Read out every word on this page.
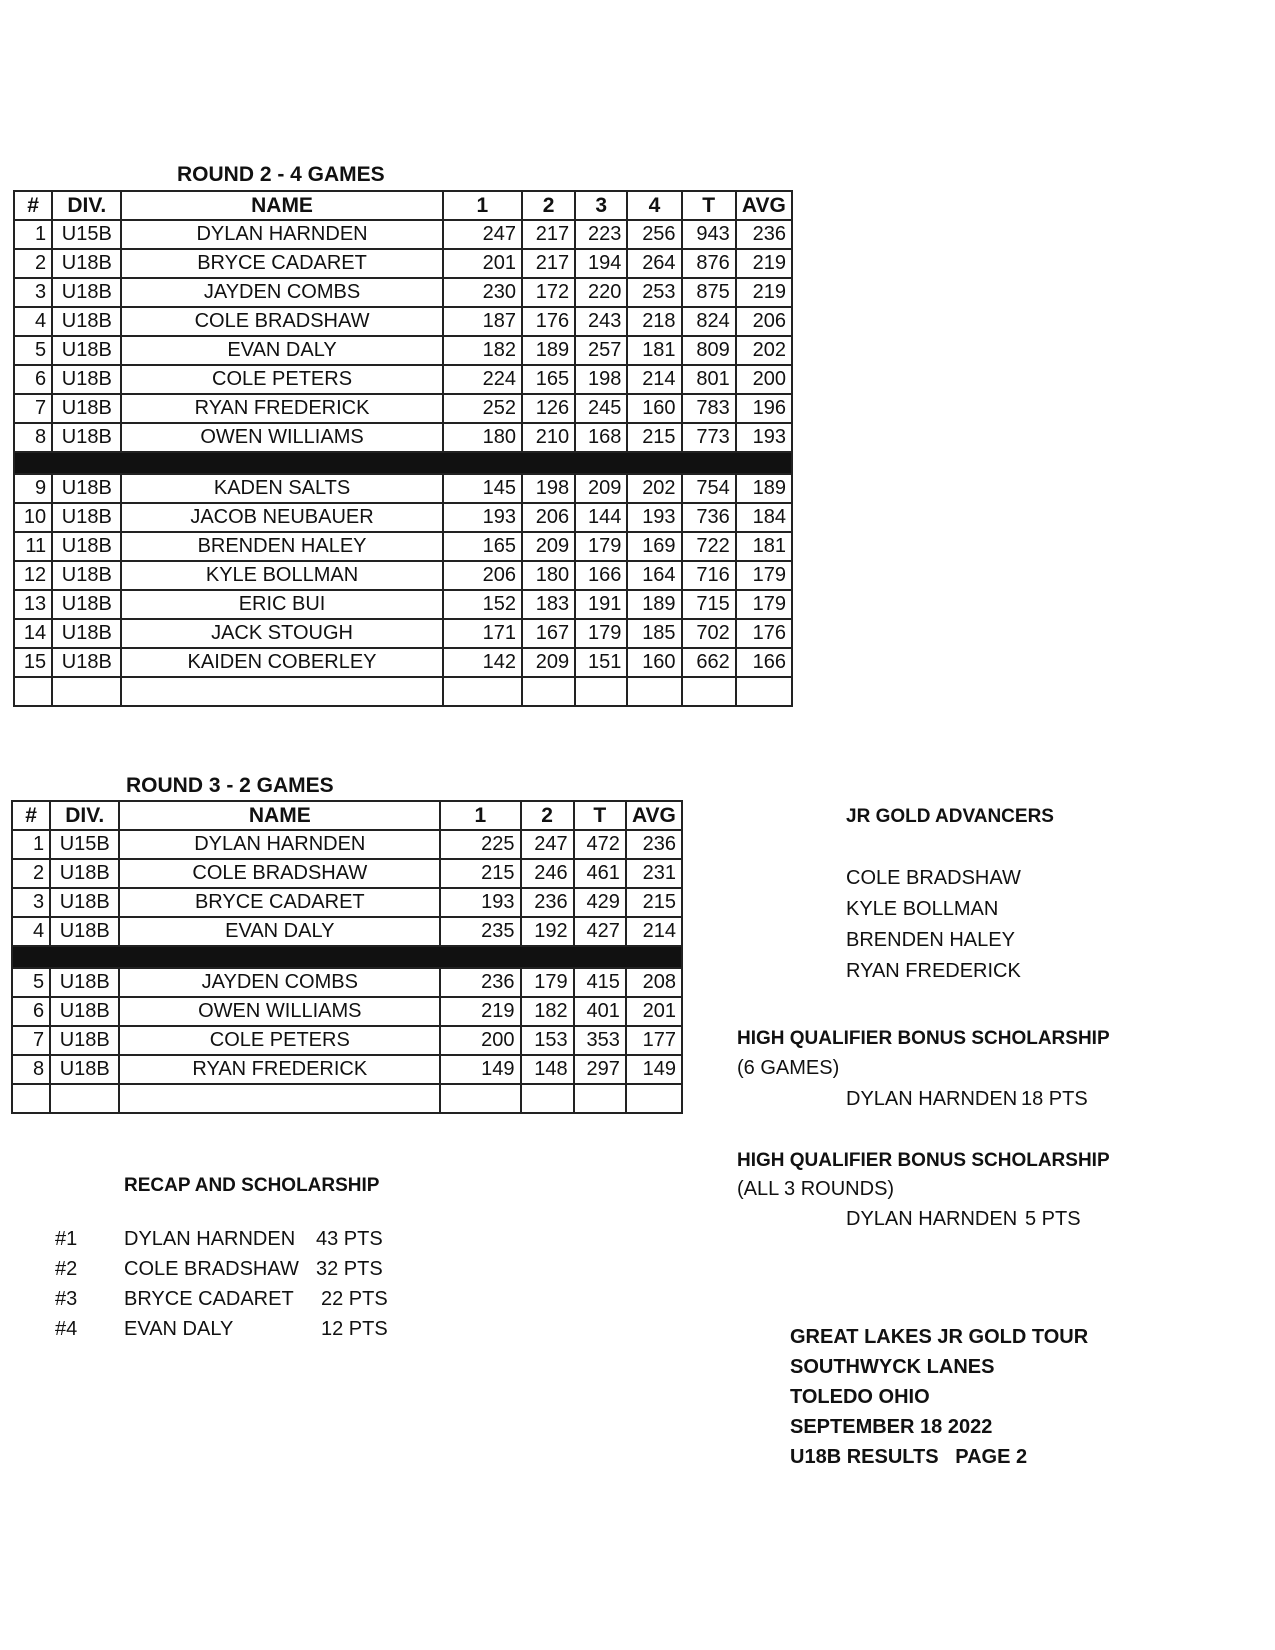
ROUND 2 - 4 GAMES
#	DIV.	NAME	1	2	3	4	T	AVG
1	U15B	DYLAN HARNDEN	247	217	223	256	943	236
2	U18B	BRYCE CADARET	201	217	194	264	876	219
3	U18B	JAYDEN COMBS	230	172	220	253	875	219
4	U18B	COLE BRADSHAW	187	176	243	218	824	206
5	U18B	EVAN DALY	182	189	257	181	809	202
6	U18B	COLE PETERS	224	165	198	214	801	200
7	U18B	RYAN FREDERICK	252	126	245	160	783	196
8	U18B	OWEN WILLIAMS	180	210	168	215	773	193

9	U18B	KADEN SALTS	145	198	209	202	754	189
10	U18B	JACOB NEUBAUER	193	206	144	193	736	184
11	U18B	BRENDEN HALEY	165	209	179	169	722	181
12	U18B	KYLE BOLLMAN	206	180	166	164	716	179
13	U18B	ERIC BUI	152	183	191	189	715	179
14	U18B	JACK STOUGH	171	167	179	185	702	176
15	U18B	KAIDEN COBERLEY	142	209	151	160	662	166

ROUND 3 - 2 GAMES
#	DIV.	NAME	1	2	T	AVG
1	U15B	DYLAN HARNDEN	225	247	472	236
2	U18B	COLE BRADSHAW	215	246	461	231
3	U18B	BRYCE CADARET	193	236	429	215
4	U18B	EVAN DALY	235	192	427	214

5	U18B	JAYDEN COMBS	236	179	415	208
6	U18B	OWEN WILLIAMS	219	182	401	201
7	U18B	COLE PETERS	200	153	353	177
8	U18B	RYAN FREDERICK	149	148	297	149

RECAP AND SCHOLARSHIP
#1 DYLAN HARNDEN 43 PTS
#2 COLE BRADSHAW 32 PTS
#3 BRYCE CADARET 22 PTS
#4 EVAN DALY	12 PTS
JR GOLD ADVANCERS
COLE BRADSHAW
KYLE BOLLMAN
BRENDEN HALEY
RYAN FREDERICK
HIGH QUALIFIER BONUS SCHOLARSHIP
(6 GAMES)
DYLAN HARNDEN 18 PTS
HIGH QUALIFIER BONUS SCHOLARSHIP
(ALL 3 ROUNDS)
DYLAN HARNDEN 5 PTS
GREAT LAKES JR GOLD TOUR
SOUTHWYCK LANES
TOLEDO OHIO
SEPTEMBER 18 2022
U18B RESULTS   PAGE 2
